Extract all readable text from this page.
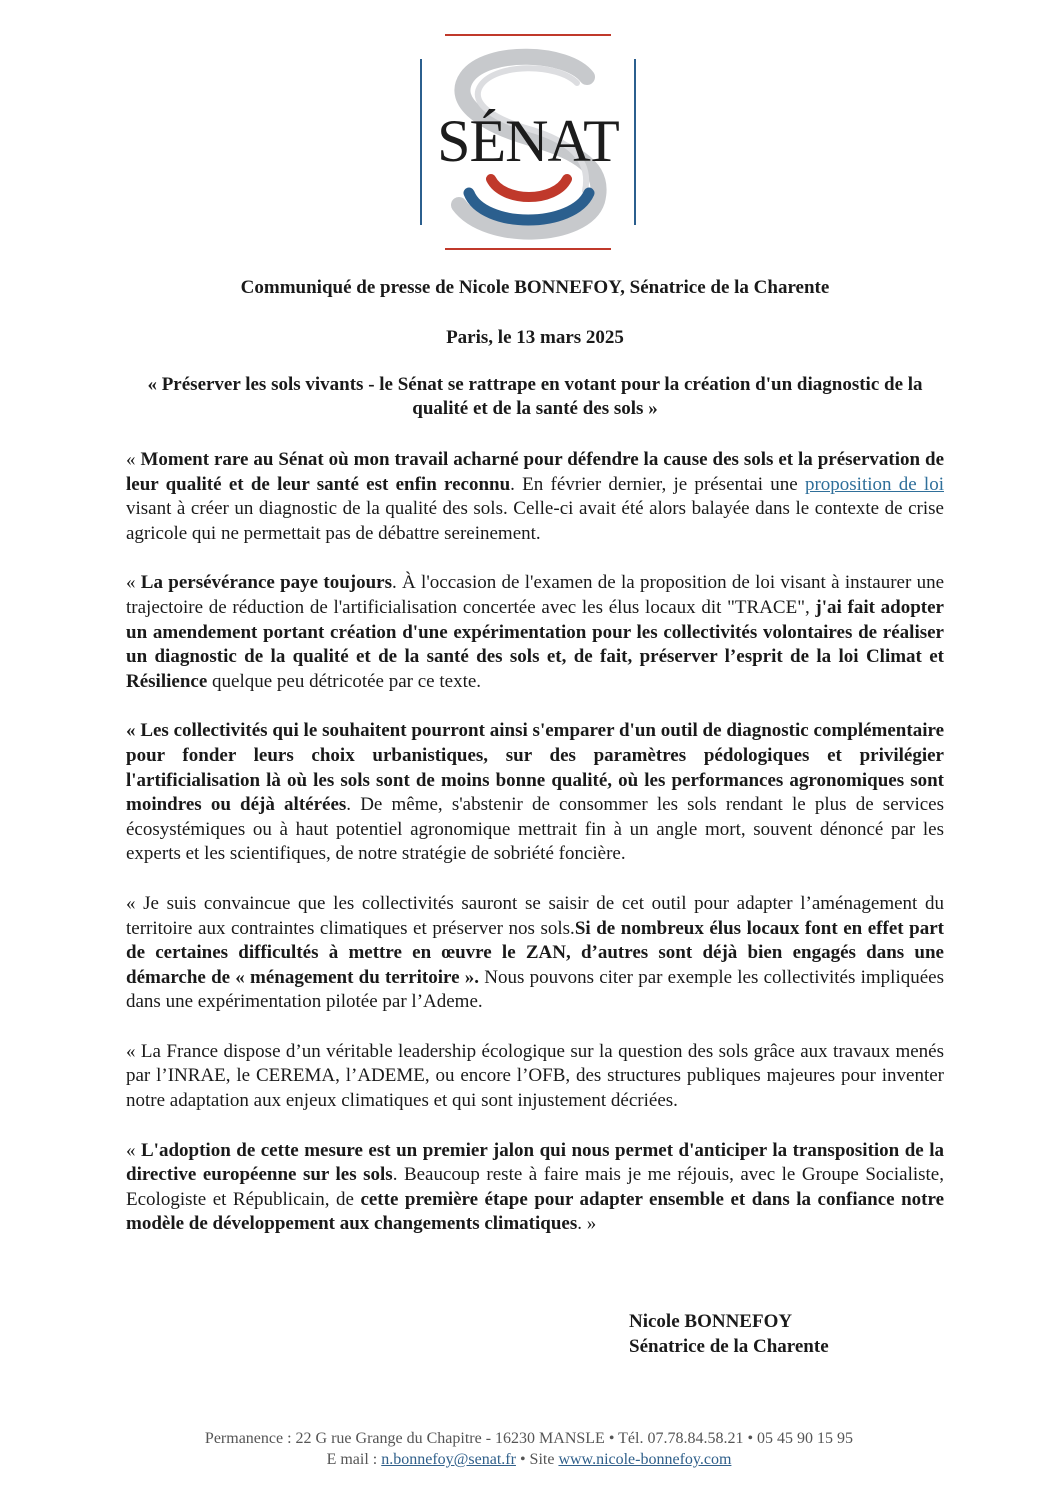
SÉNAT

Communiqué de presse de Nicole BONNEFOY, Sénatrice de la Charente

Paris, le 13 mars 2025

« Préserver les sols vivants - le Sénat se rattrape en votant pour la création d'un diagnostic de la qualité et de la santé des sols »

« Moment rare au Sénat où mon travail acharné pour défendre la cause des sols et la préservation de leur qualité et de leur santé est enfin reconnu. En février dernier, je présentai une proposition de loi visant à créer un diagnostic de la qualité des sols. Celle-ci avait été alors balayée dans le contexte de crise agricole qui ne permettait pas de débattre sereinement.

« La persévérance paye toujours. À l'occasion de l'examen de la proposition de loi visant à instaurer une trajectoire de réduction de l'artificialisation concertée avec les élus locaux dit "TRACE", j'ai fait adopter un amendement portant création d'une expérimentation pour les collectivités volontaires de réaliser un diagnostic de la qualité et de la santé des sols et, de fait, préserver l’esprit de la loi Climat et Résilience quelque peu détricotée par ce texte.

« Les collectivités qui le souhaitent pourront ainsi s'emparer d'un outil de diagnostic complémentaire pour fonder leurs choix urbanistiques, sur des paramètres pédologiques et privilégier l'artificialisation là où les sols sont de moins bonne qualité, où les performances agronomiques sont moindres ou déjà altérées. De même, s'abstenir de consommer les sols rendant le plus de services écosystémiques ou à haut potentiel agronomique mettrait fin à un angle mort, souvent dénoncé par les experts et les scientifiques, de notre stratégie de sobriété foncière.

« Je suis convaincue que les collectivités sauront se saisir de cet outil pour adapter l’aménagement du territoire aux contraintes climatiques et préserver nos sols.Si de nombreux élus locaux font en effet part de certaines difficultés à mettre en œuvre le ZAN, d’autres sont déjà bien engagés dans une démarche de « ménagement du territoire ». Nous pouvons citer par exemple les collectivités impliquées dans une expérimentation pilotée par l’Ademe.

« La France dispose d’un véritable leadership écologique sur la question des sols grâce aux travaux menés par l’INRAE, le CEREMA, l’ADEME, ou encore l’OFB, des structures publiques majeures pour inventer notre adaptation aux enjeux climatiques et qui sont injustement décriées.

« L'adoption de cette mesure est un premier jalon qui nous permet d'anticiper la transposition de la directive européenne sur les sols. Beaucoup reste à faire mais je me réjouis, avec le Groupe Socialiste, Ecologiste et Républicain, de cette première étape pour adapter ensemble et dans la confiance notre modèle de développement aux changements climatiques. »

Nicole BONNEFOY
Sénatrice de la Charente
Permanence : 22 G rue Grange du Chapitre - 16230 MANSLE • Tél. 07.78.84.58.21 • 05 45 90 15 95
E mail : n.bonnefoy@senat.fr • Site www.nicole-bonnefoy.com
